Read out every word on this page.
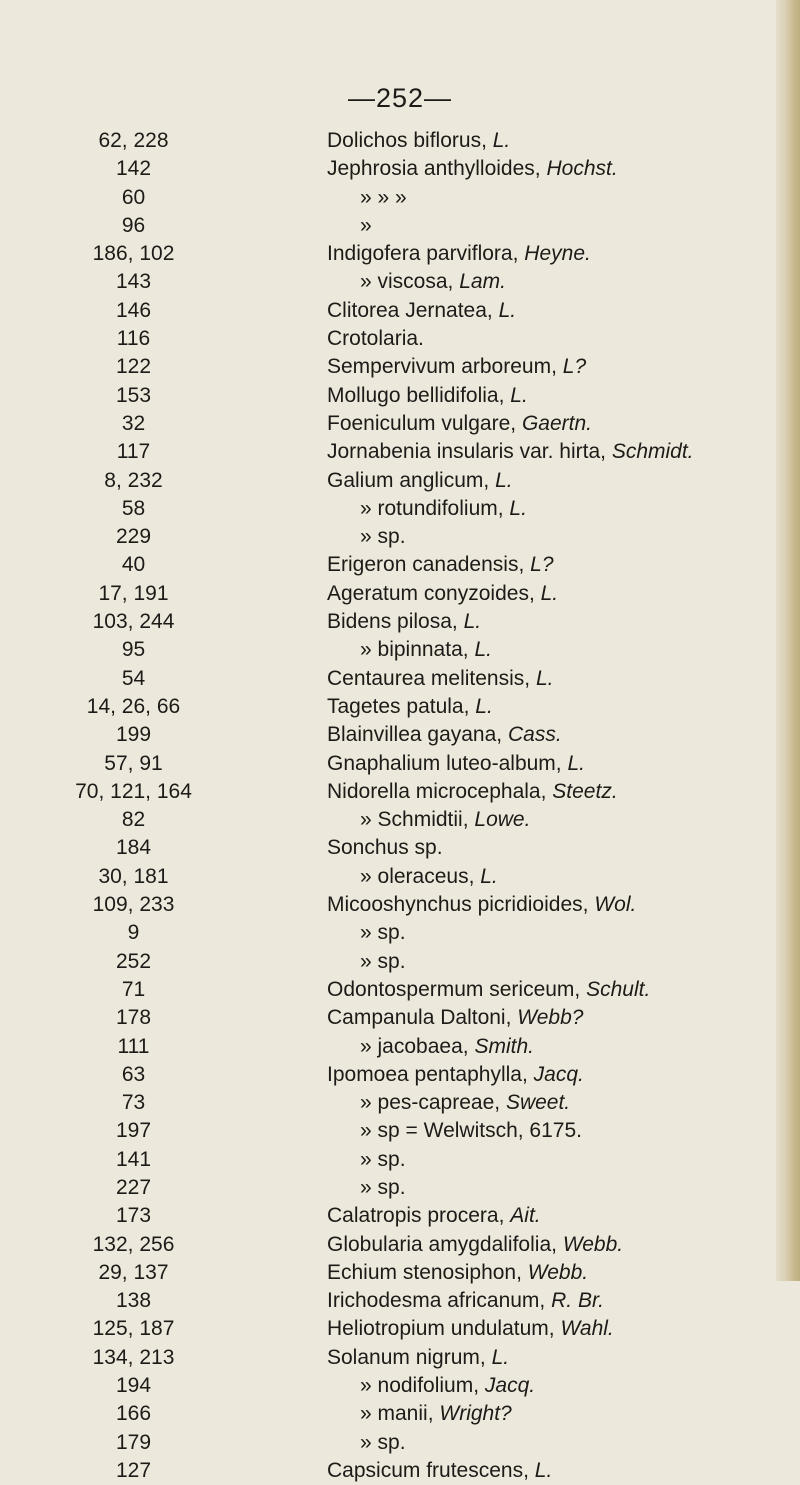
—252—
62, 228	Dolichos biflorus, L.
142	Jephrosia anthylloides, Hochst.
60	» » »
96	»
186, 102	Indigofera parviflora, Heyne.
143	» viscosa, Lam.
146	Clitorea Jernatea, L.
116	Crotolaria.
122	Sempervivum arboreum, L?
153	Mollugo bellidifolia, L.
32	Foeniculum vulgare, Gaertn.
117	Jornabenia insularis var. hirta, Schmidt.
8, 232	Galium anglicum, L.
58	» rotundifolium, L.
229	» sp.
40	Erigeron canadensis, L?
17, 191	Ageratum conyzoides, L.
103, 244	Bidens pilosa, L.
95	» bipinnata, L.
54	Centaurea melitensis, L.
14, 26, 66	Tagetes patula, L.
199	Blainvillea gayana, Cass.
57, 91	Gnaphalium luteo-album, L.
70, 121, 164	Nidorella microcephala, Steetz.
82	» Schmidtii, Lowe.
184	Sonchus sp.
30, 181	» oleraceus, L.
109, 233	Micooshynchus picridioides, Wol.
9	» sp.
252	» sp.
71	Odontospermum sericeum, Schult.
178	Campanula Daltoni, Webb?
111	» jacobaea, Smith.
63	Ipomoea pentaphylla, Jacq.
73	» pes-capreae, Sweet.
197	» sp = Welwitsch, 6175.
141	» sp.
227	» sp.
173	Calatropis procera, Ait.
132, 256	Globularia amygdalifolia, Webb.
29, 137	Echium stenosiphon, Webb.
138	Irichodesma africanum, R. Br.
125, 187	Heliotropium undulatum, Wahl.
134, 213	Solanum nigrum, L.
194	» nodifolium, Jacq.
166	» manii, Wright?
179	» sp.
127	Capsicum frutescens, L.
